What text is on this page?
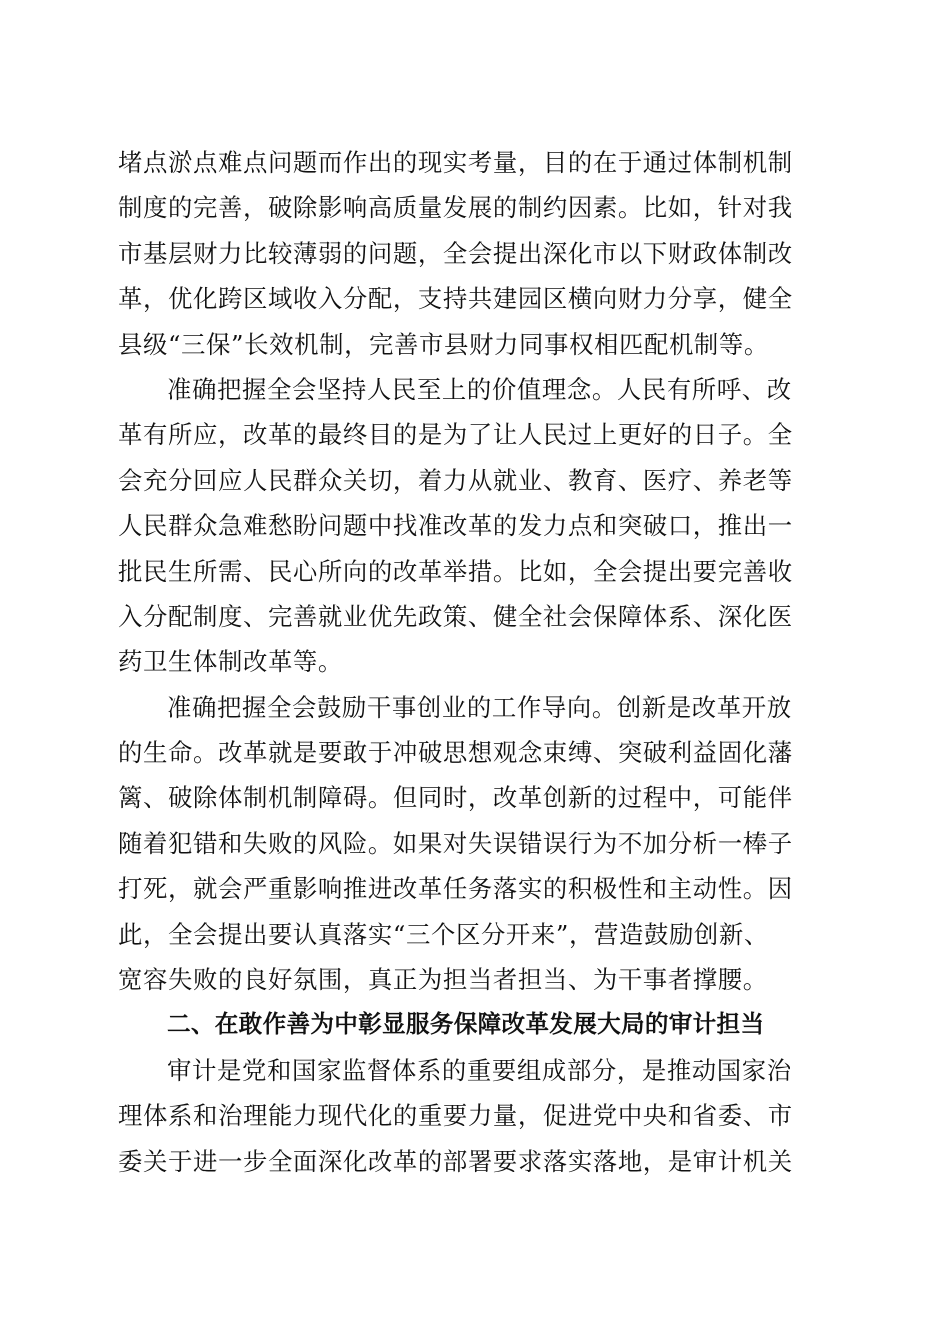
堵点淤点难点问题而作出的现实考量，目的在于通过体制机制
制度的完善，破除影响高质量发展的制约因素。比如，针对我
市基层财力比较薄弱的问题，全会提出深化市以下财政体制改
革，优化跨区域收入分配，支持共建园区横向财力分享，健全
县级“三保”长效机制，完善市县财力同事权相匹配机制等。
准确把握全会坚持人民至上的价值理念。人民有所呼、改
革有所应，改革的最终目的是为了让人民过上更好的日子。全
会充分回应人民群众关切，着力从就业、教育、医疗、养老等
人民群众急难愁盼问题中找准改革的发力点和突破口，推出一
批民生所需、民心所向的改革举措。比如，全会提出要完善收
入分配制度、完善就业优先政策、健全社会保障体系、深化医
药卫生体制改革等。
准确把握全会鼓励干事创业的工作导向。创新是改革开放
的生命。改革就是要敢于冲破思想观念束缚、突破利益固化藩
篱、破除体制机制障碍。但同时，改革创新的过程中，可能伴
随着犯错和失败的风险。如果对失误错误行为不加分析一棒子
打死，就会严重影响推进改革任务落实的积极性和主动性。因
此，全会提出要认真落实“三个区分开来”，营造鼓励创新、
宽容失败的良好氛围，真正为担当者担当、为干事者撑腰。
二、在敢作善为中彰显服务保障改革发展大局的审计担当
审计是党和国家监督体系的重要组成部分，是推动国家治
理体系和治理能力现代化的重要力量，促进党中央和省委、市
委关于进一步全面深化改革的部署要求落实落地，是审计机关
